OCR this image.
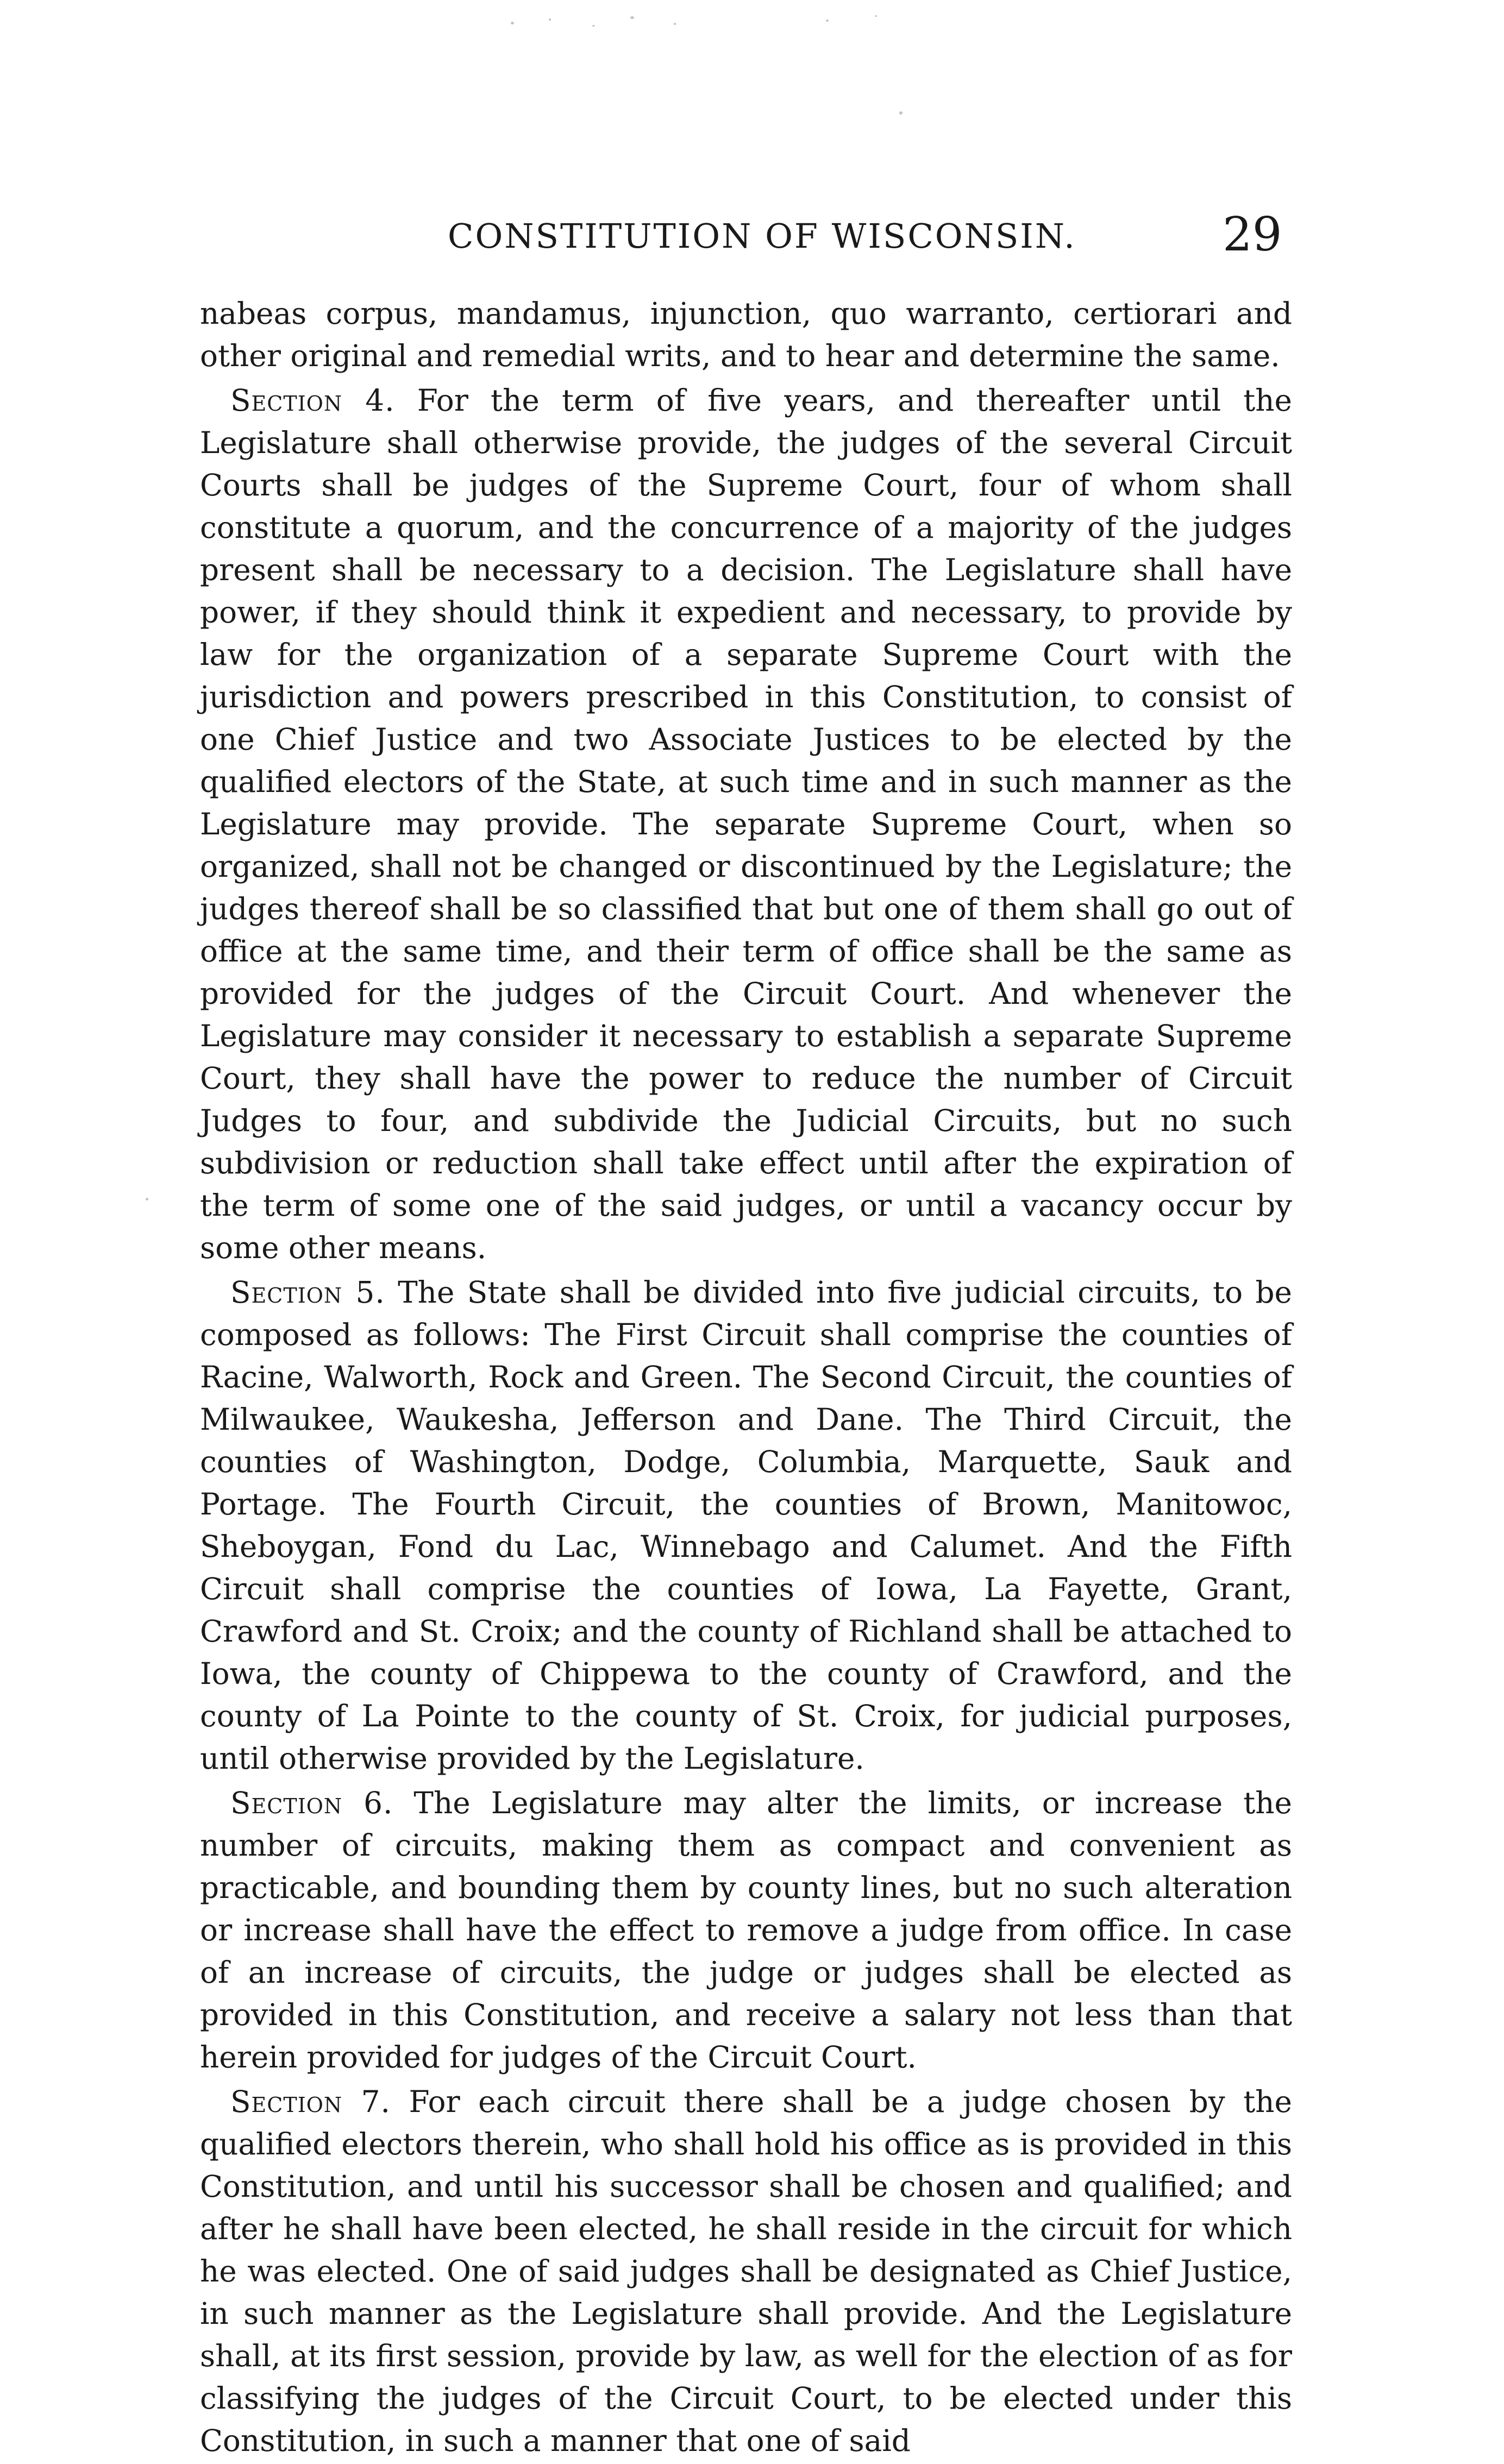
CONSTITUTION OF WISCONSIN.	29

nabeas corpus, mandamus, injunction, quo warranto, certiorari and other original and remedial writs, and to hear and determine the same.

Section 4. For the term of five years, and thereafter until the Legislature shall otherwise provide, the judges of the several Circuit Courts shall be judges of the Supreme Court, four of whom shall constitute a quorum, and the concurrence of a majority of the judges present shall be necessary to a decision. The Legislature shall have power, if they should think it expedient and necessary, to provide by law for the organization of a separate Supreme Court with the jurisdiction and powers prescribed in this Constitution, to consist of one Chief Justice and two Associate Justices to be elected by the qualified electors of the State, at such time and in such manner as the Legislature may provide. The separate Supreme Court, when so organized, shall not be changed or discontinued by the Legislature; the judges thereof shall be so classified that but one of them shall go out of office at the same time, and their term of office shall be the same as provided for the judges of the Circuit Court. And whenever the Legislature may consider it necessary to establish a separate Supreme Court, they shall have the power to reduce the number of Circuit Judges to four, and subdivide the Judicial Circuits, but no such subdivision or reduction shall take effect until after the expiration of the term of some one of the said judges, or until a vacancy occur by some other means.

Section 5. The State shall be divided into five judicial circuits, to be composed as follows: The First Circuit shall comprise the counties of Racine, Walworth, Rock and Green. The Second Circuit, the counties of Milwaukee, Waukesha, Jefferson and Dane. The Third Circuit, the counties of Washington, Dodge, Columbia, Marquette, Sauk and Portage. The Fourth Circuit, the counties of Brown, Manitowoc, Sheboygan, Fond du Lac, Winnebago and Calumet. And the Fifth Circuit shall comprise the counties of Iowa, La Fayette, Grant, Crawford and St. Croix; and the county of Richland shall be attached to Iowa, the county of Chippewa to the county of Crawford, and the county of La Pointe to the county of St. Croix, for judicial purposes, until otherwise provided by the Legislature.

Section 6. The Legislature may alter the limits, or increase the number of circuits, making them as compact and convenient as practicable, and bounding them by county lines, but no such alteration or increase shall have the effect to remove a judge from office. In case of an increase of circuits, the judge or judges shall be elected as provided in this Constitution, and receive a salary not less than that herein provided for judges of the Circuit Court.

Section 7. For each circuit there shall be a judge chosen by the qualified electors therein, who shall hold his office as is provided in this Constitution, and until his successor shall be chosen and qualified; and after he shall have been elected, he shall reside in the circuit for which he was elected. One of said judges shall be designated as Chief Justice, in such manner as the Legislature shall provide. And the Legislature shall, at its first session, provide by law, as well for the election of as for classifying the judges of the Circuit Court, to be elected under this Constitution, in such a manner that one of said
